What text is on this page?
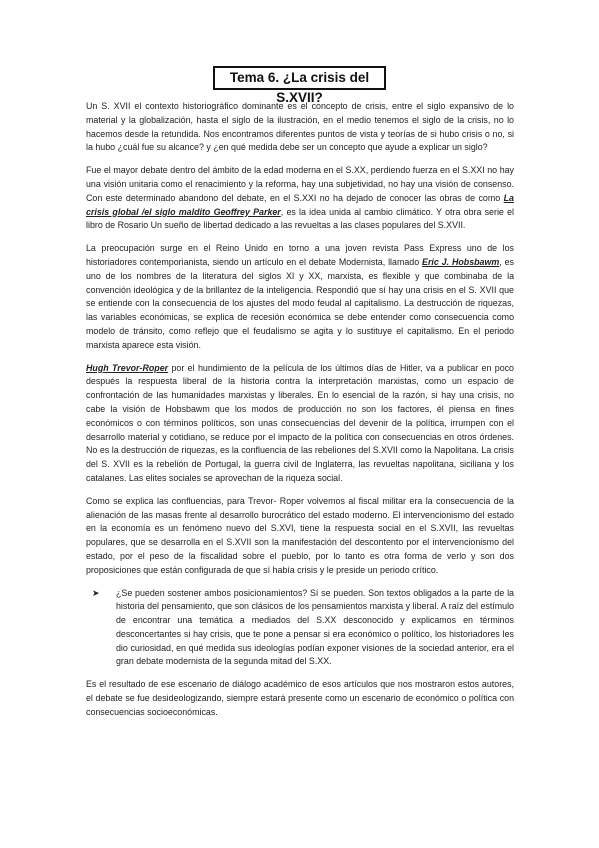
Tema 6. ¿La crisis del S.XVII?

Un S. XVII el contexto historiográfico dominante es el concepto de crisis, entre el siglo expansivo de lo material y la globalización, hasta el siglo de la ilustración, en el medio tenemos el siglo de la crisis, no lo hacemos desde la retundida. Nos encontramos diferentes puntos de vista y teorías de si hubo crisis o no, si la hubo ¿cuál fue su alcance? y ¿en qué medida debe ser un concepto que ayude a explicar un siglo?

Fue el mayor debate dentro del ámbito de la edad moderna en el S.XX, perdiendo fuerza en el S.XXI no hay una visión unitaria como el renacimiento y la reforma, hay una subjetividad, no hay una visión de consenso. Con este determinado abandono del debate, en el S.XXI no ha dejado de conocer las obras de como La crisis global /el siglo maldito Geoffrey Parker, es la idea unida al cambio climático. Y otra obra serie el libro de Rosario Un sueño de libertad dedicado a las revueltas a las clases populares del S.XVII.

La preocupación surge en el Reino Unido en torno a una joven revista Pass Express uno de los historiadores contemporianista, siendo un artículo en el debate Modernista, llamado Eric J. Hobsbawm, es uno de los nombres de la literatura del siglos XI y XX, marxista, es flexible y que combinaba de la convención ideológica y de la brillantez de la inteligencia. Respondió que sí hay una crisis en el S. XVII que se entiende con la consecuencia de los ajustes del modo feudal al capitalismo. La destrucción de riquezas, las variables económicas, se explica de recesión económica se debe entender como consecuencia como modelo de tránsito, como reflejo que el feudalismo se agita y lo sustituye el capitalismo. En el periodo marxista aparece esta visión.

Hugh Trevor-Roper por el hundimiento de la película de los últimos días de Hitler, va a publicar en poco después la respuesta liberal de la historia contra la interpretación marxistas, como un espacio de confrontación de las humanidades marxistas y liberales. En lo esencial de la razón, si hay una crisis, no cabe la visión de Hobsbawm que los modos de producción no son los factores, él piensa en fines económicos o con términos políticos, son unas consecuencias del devenir de la política, irrumpen con el desarrollo material y cotidiano, se reduce por el impacto de la política con consecuencias en otros órdenes. No es la destrucción de riquezas, es la confluencia de las rebeliones del S.XVII como la Napolitana. La crisis del S. XVII es la rebelión de Portugal, la guerra civil de Inglaterra, las revueltas napolitana, siciliana y los catalanes. Las elites sociales se aprovechan de la riqueza social.

Como se explica las confluencias, para Trevor- Roper volvemos al fiscal militar era la consecuencia de la alienación de las masas frente al desarrollo burocrático del estado moderno. El intervencionismo del estado en la economía es un fenómeno nuevo del S.XVI, tiene la respuesta social en el S.XVII, las revueltas populares, que se desarrolla en el S.XVII son la manifestación del descontento por el intervencionismo del estado, por el peso de la fiscalidad sobre el pueblo, por lo tanto es otra forma de verlo y son dos proposiciones que están configurada de que sí había crisis y le preside un periodo crítico.

➤	¿Se pueden sostener ambos posicionamientos? Sí se pueden. Son textos obligados a la parte de la historia del pensamiento, que son clásicos de los pensamientos marxista y liberal. A raíz del estímulo de encontrar una temática a mediados del S.XX desconocido y explicamos en términos desconcertantes si hay crisis, que te pone a pensar si era económico o político, los historiadores les dio curiosidad, en qué medida sus ideologías podían exponer visiones de la sociedad anterior, era el gran debate modernista de la segunda mitad del S.XX.

Es el resultado de ese escenario de diálogo académico de esos artículos que nos mostraron estos autores, el debate se fue desideologizando, siempre estará presente como un escenario de económico o política con consecuencias socioeconómicas.
